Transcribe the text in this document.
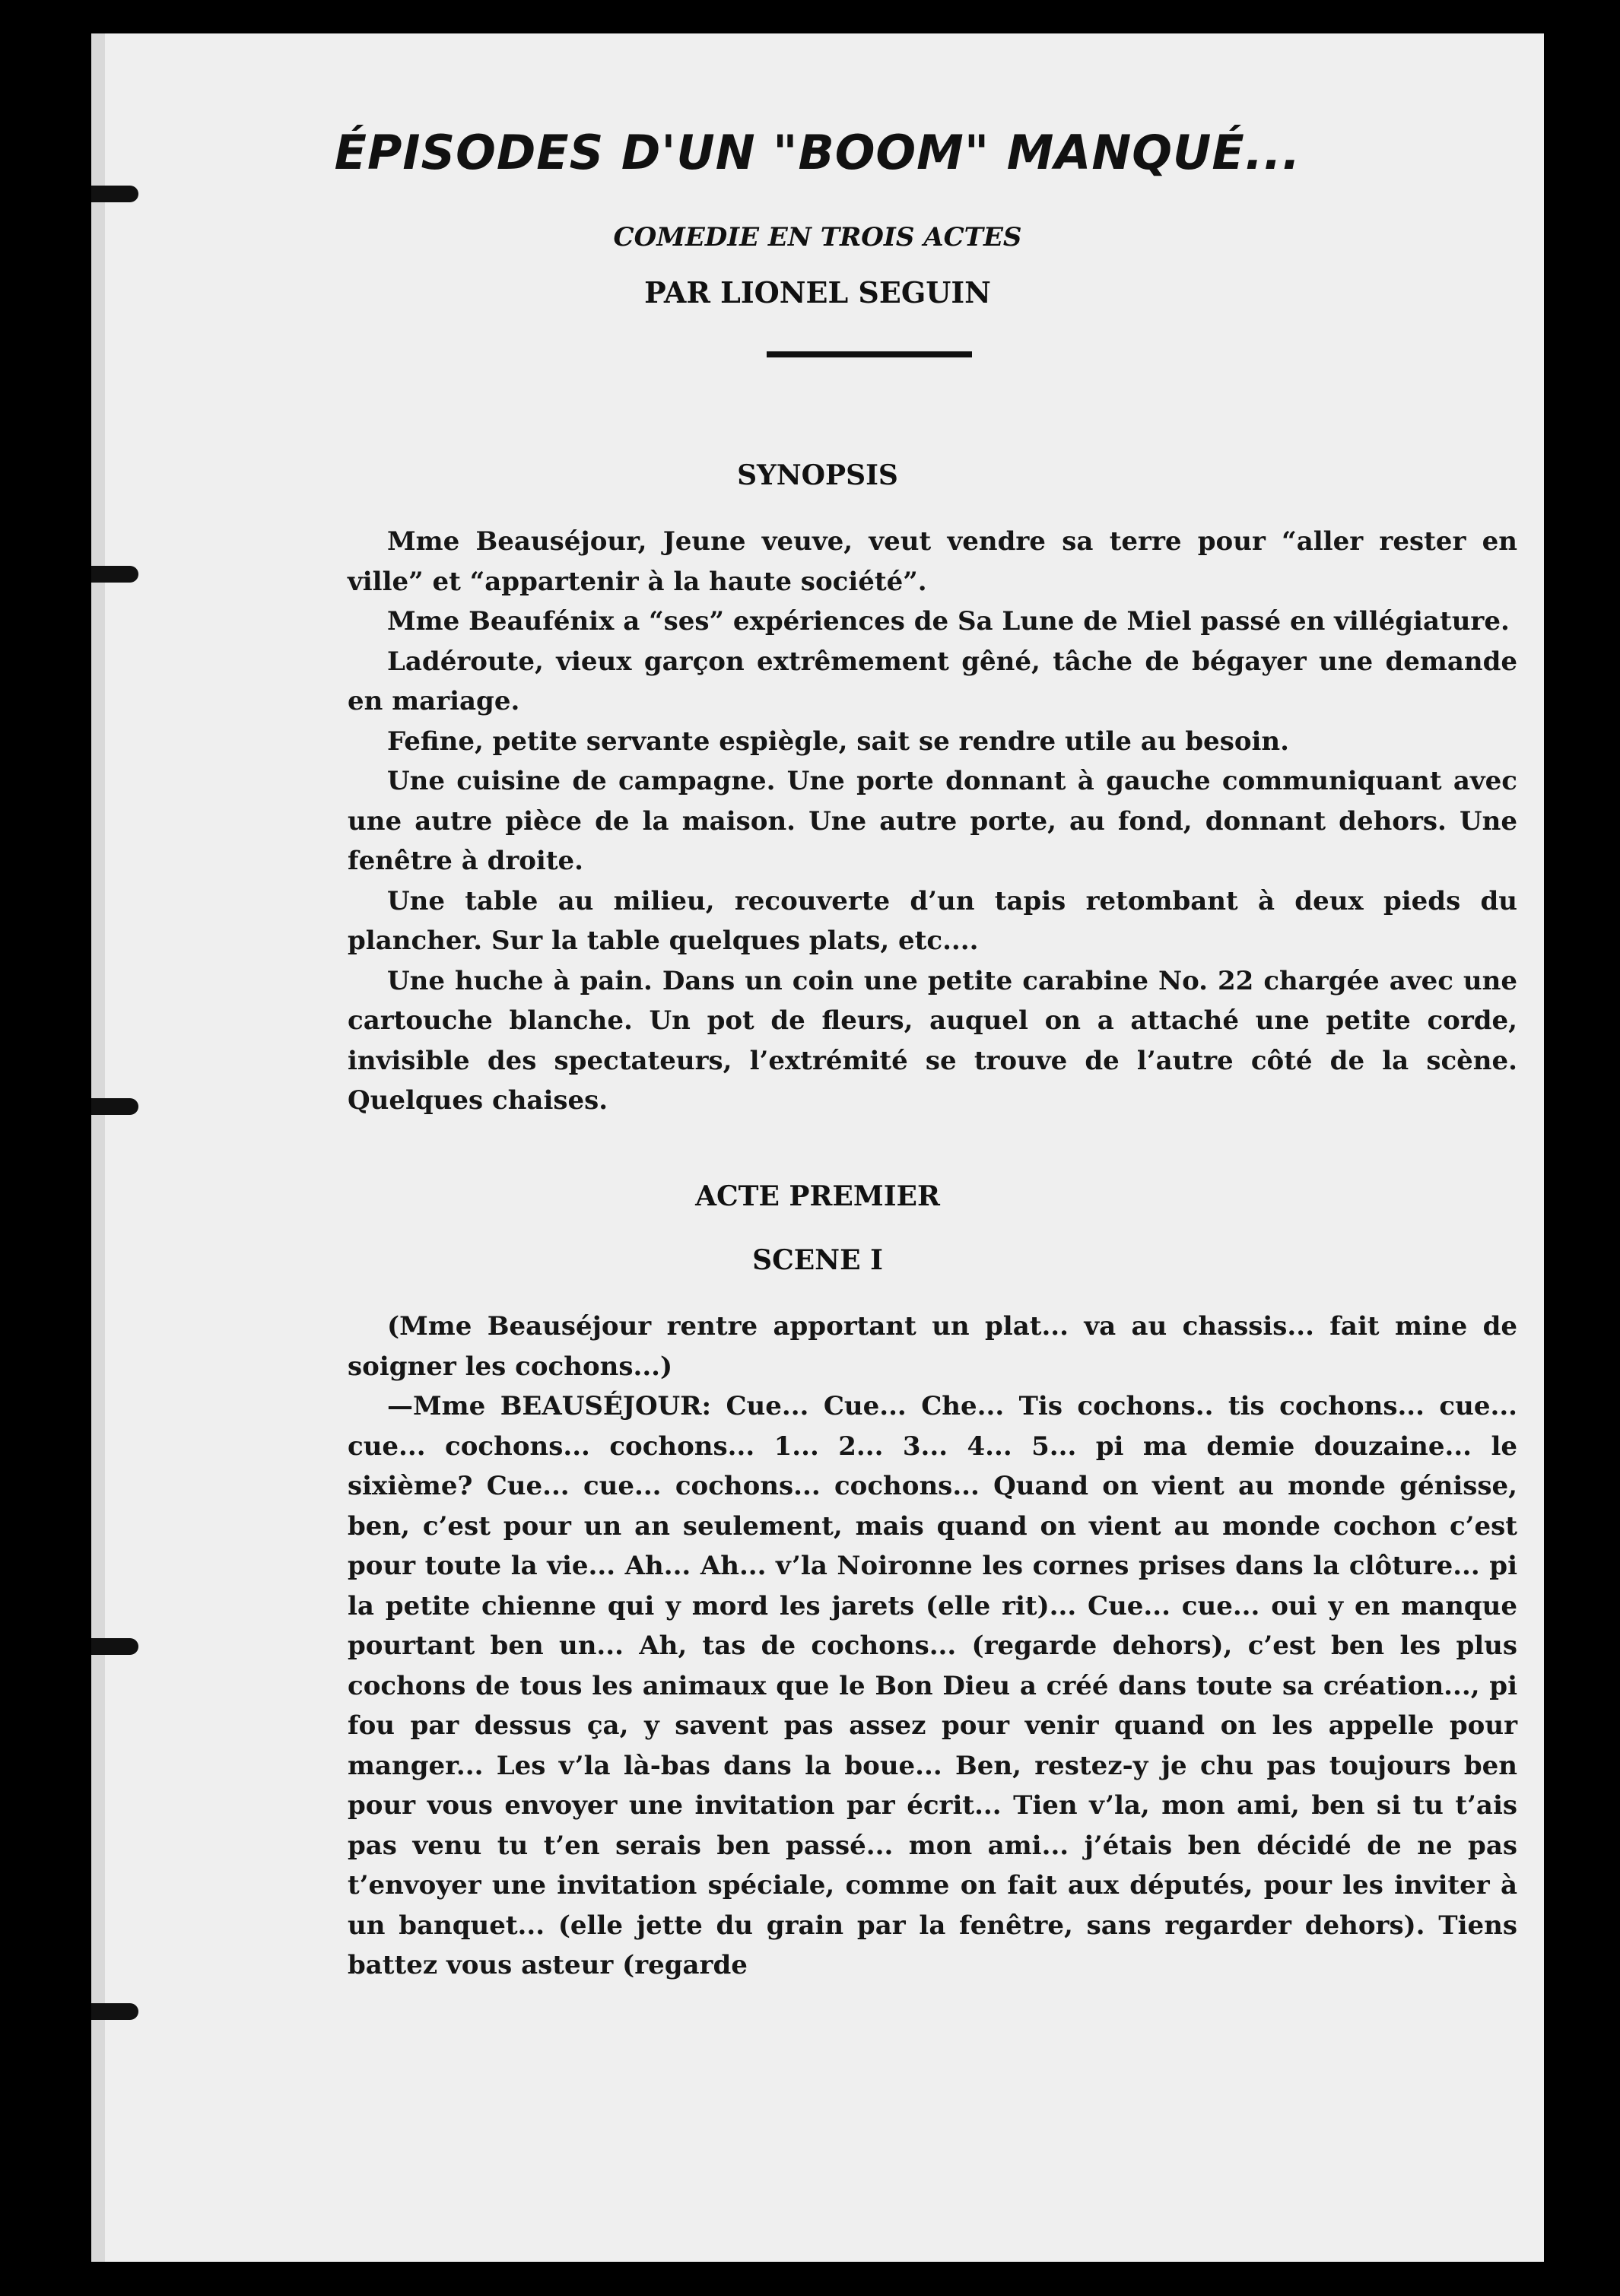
ÉPISODES D'UN "BOOM" MANQUÉ...
COMEDIE EN TROIS ACTES
PAR LIONEL SEGUIN
SYNOPSIS

Mme Beauséjour, Jeune veuve, veut vendre sa terre pour “aller rester en ville” et “appartenir à la haute société”.

Mme Beaufénix a “ses” expériences de Sa Lune de Miel passé en villégiature.

Ladéroute, vieux garçon extrêmement gêné, tâche de bégayer une demande en mariage.

Fefine, petite servante espiègle, sait se rendre utile au besoin.

Une cuisine de campagne. Une porte donnant à gauche communiquant avec une autre pièce de la maison. Une autre porte, au fond, donnant dehors. Une fenêtre à droite.

Une table au milieu, recouverte d’un tapis retombant à deux pieds du plancher. Sur la table quelques plats, etc....

Une huche à pain. Dans un coin une petite carabine No. 22 chargée avec une cartouche blanche. Un pot de fleurs, auquel on a attaché une petite corde, invisible des spectateurs, l’extrémité se trouve de l’autre côté de la scène. Quelques chaises.

ACTE PREMIER
SCENE I

(Mme Beauséjour rentre apportant un plat... va au chassis... fait mine de soigner les cochons...)

—Mme BEAUSÉJOUR: Cue... Cue... Che... Tis cochons.. tis cochons... cue... cue... cochons... cochons... 1... 2... 3... 4... 5... pi ma demie douzaine... le sixième? Cue... cue... cochons... cochons... Quand on vient au monde génisse, ben, c’est pour un an seulement, mais quand on vient au monde cochon c’est pour toute la vie... Ah... Ah... v’la Noironne les cornes prises dans la clôture... pi la petite chienne qui y mord les jarets (elle rit)... Cue... cue... oui y en manque pourtant ben un... Ah, tas de cochons... (regarde dehors), c’est ben les plus cochons de tous les animaux que le Bon Dieu a créé dans toute sa création..., pi fou par dessus ça, y savent pas assez pour venir quand on les appelle pour manger... Les v’la là-bas dans la boue... Ben, restez-y je chu pas toujours ben pour vous envoyer une invitation par écrit... Tien v’la, mon ami, ben si tu t’ais pas venu tu t’en serais ben passé... mon ami... j’étais ben décidé de ne pas t’envoyer une invitation spéciale, comme on fait aux députés, pour les inviter à un banquet... (elle jette du grain par la fenêtre, sans regarder dehors). Tiens battez vous asteur (regarde
